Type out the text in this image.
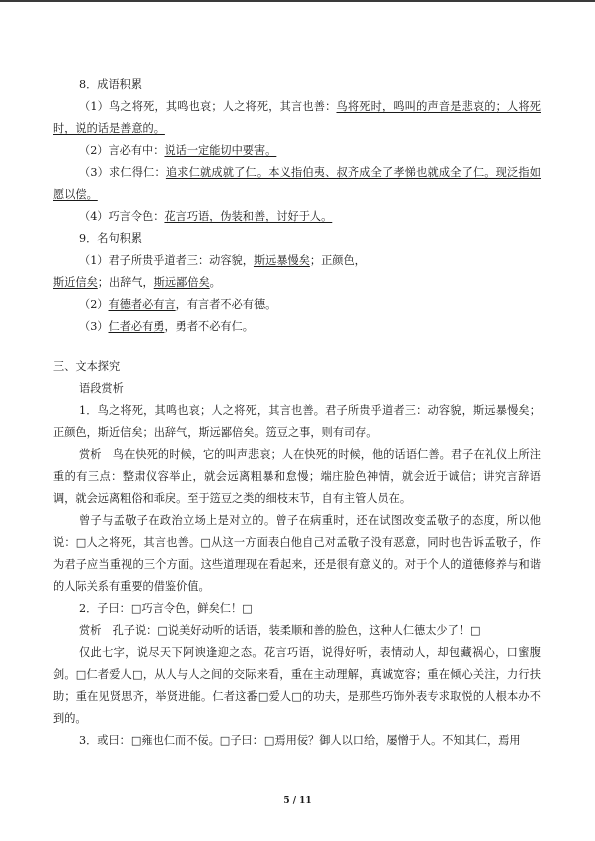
8．成语积累

（1）鸟之将死，其鸣也哀；人之将死，其言也善：鸟将死时，鸣叫的声音是悲哀的；人将死时，说的话是善意的。

（2）言必有中：说话一定能切中要害。

（3）求仁得仁：追求仁就成就了仁。本义指伯夷、叔齐成全了孝悌也就成全了仁。现泛指如愿以偿。

（4）巧言令色：花言巧语，伪装和善，讨好于人。

9．名句积累

（1）君子所贵乎道者三：动容貌，斯远暴慢矣；正颜色，
斯近信矣；出辞气，斯远鄙倍矣。

（2）有德者必有言，有言者不必有德。

（3）仁者必有勇，勇者不必有仁。

三、文本探究

语段赏析

1．鸟之将死，其鸣也哀；人之将死，其言也善。君子所贵乎道者三：动容貌，斯远暴慢矣；正颜色，斯近信矣；出辞气，斯远鄙倍矣。笾豆之事，则有司存。

赏析　鸟在快死的时候，它的叫声悲哀；人在快死的时候，他的话语仁善。君子在礼仪上所注重的有三点：整肃仪容举止，就会远离粗暴和怠慢；端庄脸色神情，就会近于诚信；讲究言辞语调，就会远离粗俗和乖戾。至于笾豆之类的细枝末节，自有主管人员在。

曾子与孟敬子在政治立场上是对立的。曾子在病重时，还在试图改变孟敬子的态度，所以他说：□人之将死，其言也善。□从这一方面表白他自己对孟敬子没有恶意，同时也告诉孟敬子，作为君子应当重视的三个方面。这些道理现在看起来，还是很有意义的。对于个人的道德修养与和谐的人际关系有重要的借鉴价值。

2．子曰：□巧言令色，鲜矣仁！□

赏析　孔子说：□说美好动听的话语，装柔顺和善的脸色，这种人仁德太少了！□

仅此七字，说尽天下阿谀逢迎之态。花言巧语，说得好听，表情动人，却包藏祸心，口蜜腹剑。□仁者爱人□，从人与人之间的交际来看，重在主动理解，真诚宽容；重在倾心关注，力行扶助；重在见贤思齐，举贤进能。仁者这番□爱人□的功夫，是那些巧饰外表专求取悦的人根本办不到的。

3．或曰：□雍也仁而不佞。□子曰：□焉用佞？御人以口给，屡憎于人。不知其仁，焉用

5 / 11
